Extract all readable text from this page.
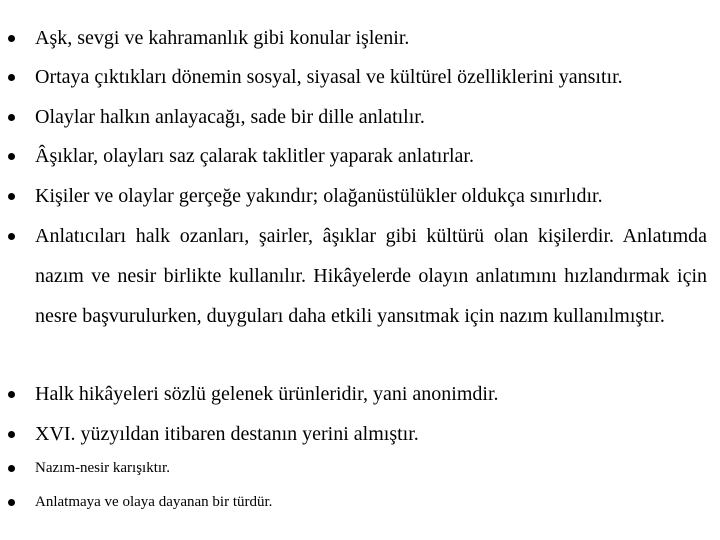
Aşk, sevgi ve kahramanlık gibi konular işlenir.
Ortaya çıktıkları dönemin sosyal, siyasal ve kültürel özelliklerini yansıtır.
Olaylar halkın anlayacağı, sade bir dille anlatılır.
Âşıklar, olayları saz çalarak taklitler yaparak anlatırlar.
Kişiler ve olaylar gerçeğe yakındır; olağanüstülükler oldukça sınırlıdır.
Anlatıcıları halk ozanları, şairler, âşıklar gibi kültürü olan kişilerdir. Anlatımda nazım ve nesir birlikte kullanılır. Hikâyelerde olayın anlatımını hızlandırmak için nesre başvurulurken, duyguları daha etkili yansıtmak için nazım kullanılmıştır.
Halk hikâyeleri sözlü gelenek ürünleridir, yani anonimdir.
XVI. yüzyıldan itibaren destanın yerini almıştır.
Nazım-nesir karışıktır.
Anlatmaya ve olaya dayanan bir türdür.
